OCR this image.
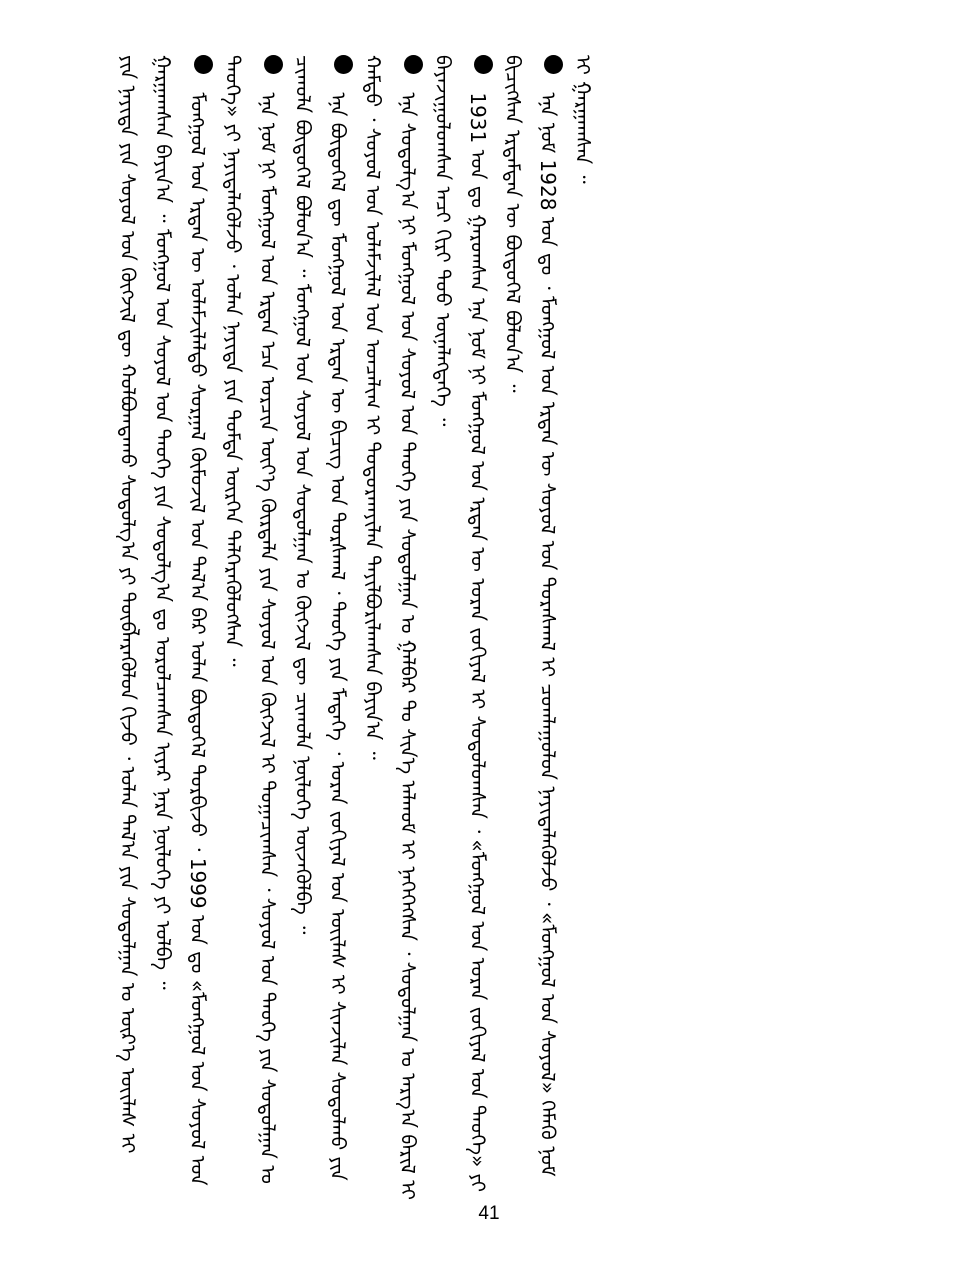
ᠶᠢᠨ ᠨᠡᠶᠢᠲᠡ ᠶᠢᠨ ᠰᠣᠶᠣᠯ ᠤᠨ ᠬᠥᠭᠵᠢᠯ ᠳᠦ ᠬᠣᠯᠪᠣᠭᠳᠠᠬᠤ ᠰᠤᠳᠤᠯᠭ᠎ᠠ ᠶᠢ ᠲᠥᠪᠯᠡᠷᠡᠭᠦᠯᠦᠨ ᠬᠢᠵᠦ ᠂ ᠣᠯᠠᠨ ᠲᠠᠯ᠎ᠠ ᠶᠢᠨ ᠰᠤᠳᠤᠯᠭᠠᠨ ᠤ ᠦᠷ᠎ᠡ ᠦᠢᠯᠡᠰ ᠢ ᠭᠠᠷᠭᠠᠭᠰᠠᠨ ᠪᠠᠶᠢᠨ᠎ᠠ ᠃ ᠮᠣᠩᠭᠣᠯ ᠤᠨ ᠰᠣᠶᠣᠯ ᠤᠨ ᠲᠡᠦᠬᠡ ᠶᠢᠨ ᠰᠤᠳᠤᠯᠭ᠎ᠠ ᠳᠤ ᠣᠷᠣᠯᠴᠠᠭᠰᠠᠨ ᠢᠶᠡᠷ ᠨᠡᠷᠡ ᠨᠥᠯᠦᠭᠡ ᠶᠢ ᠣᠯᠪᠠ ᠃ ᠮᠣᠩᠭᠣᠯ ᠤᠨ ᠡᠷᠲᠡᠨ ᠦ ᠤᠯᠠᠮᠵᠢᠯᠠᠯᠲᠤ ᠰᠤᠷᠭᠠᠯ ᠬᠦᠮᠦᠵᠢᠯ ᠤᠨ ᠲᠠᠯ᠎ᠠ ᠪᠠᠷ ᠣᠯᠠᠨ ᠪᠦᠲᠦᠭᠡᠯ ᠲᠤᠷᠪᠢᠵᠤ ᠂ 1999 ᠣᠨ ᠳᠤ «ᠮᠣᠩᠭᠣᠯ ᠤᠨ ᠰᠣᠶᠣᠯ ᠤᠨ ᠲᠡᠦᠬᠡ» ᠶᠢ ᠨᠡᠶᠢᠲᠡᠯᠡᠭᠦᠯᠵᠦ ᠂ ᠣᠯᠠᠨ ᠨᠡᠶᠢᠲᠡ ᠶᠢᠨ ᠳᠤᠮᠳᠠ ᠥᠷᠭᠡᠨ ᠳᠡᠯᠭᠡᠷᠡᠭᠦᠯᠦᠭᠰᠡᠨ ᠃ ᠡᠨᠡ ᠨᠣᠮ ᠨᠢ ᠮᠣᠩᠭᠣᠯ ᠤᠨ ᠡᠷᠲᠡᠨ ᠡᠴᠡ ᠣᠷᠴᠢᠨ ᠦᠶ᠎ᠡ ᠬᠦᠷᠲᠡᠯᠡ ᠶᠢᠨ ᠰᠣᠶᠣᠯ ᠤᠨ ᠬᠥᠭᠵᠢᠯ ᠢ ᠲᠣᠭᠠᠴᠢᠭᠰᠠᠨ ᠂ ᠰᠣᠶᠣᠯ ᠤᠨ ᠲᠡᠦᠬᠡ ᠶᠢᠨ ᠰᠤᠳᠤᠯᠭᠠᠨ ᠤ ᠴᠢᠬᠤᠯᠠ ᠪᠦᠲᠦᠭᠡᠯ ᠪᠣᠯᠤᠨ᠎ᠠ ᠃ ᠮᠣᠩᠭᠣᠯ ᠤᠨ ᠰᠣᠶᠣᠯ ᠤᠨ ᠰᠤᠳᠤᠯᠭᠠᠨ ᠤ ᠬᠥᠭᠵᠢᠯ ᠳᠦ ᠴᠢᠬᠤᠯᠠ ᠨᠥᠯᠦᠭᠡ ᠦᠵᠡᠭᠦᠯᠪᠡ ᠃ ᠡᠨᠡ ᠪᠦᠲᠦᠭᠡᠯ ᠳᠦ ᠮᠣᠩᠭᠣᠯ ᠤᠨ ᠡᠷᠲᠡᠨ ᠦ ᠪᠢᠴᠢᠭ ᠤᠨ ᠳᠤᠷᠰᠭᠠᠯ ᠂ ᠲᠡᠦᠬᠡ ᠶᠢᠨ ᠮᠡᠳᠡᠭᠡ ᠂ ᠤᠷᠠᠨ ᠵᠣᠬᠢᠶᠠᠯ ᠤᠨ ᠦᠢᠯᠡᠰ ᠢ ᠰᠢᠨᠵᠢᠯᠡᠨ ᠰᠤᠳᠤᠯᠬᠤ ᠶᠢᠨ ᠬᠠᠮᠲᠤ ᠂ ᠰᠣᠶᠣᠯ ᠤᠨ ᠤᠯᠠᠮᠵᠢᠯᠠᠯ ᠤᠨ ᠣᠨᠴᠠᠯᠢᠭ ᠢ ᠲᠣᠳᠣᠷᠬᠠᠶᠢᠯᠠᠨ ᠲᠠᠶᠢᠯᠪᠤᠷᠢᠯᠠᠭᠰᠠᠨ ᠪᠠᠶᠢᠨ᠎ᠠ ᠃ ᠡᠨᠡ ᠰᠤᠳᠤᠯᠭ᠎ᠠ ᠨᠢ ᠮᠣᠩᠭᠣᠯ ᠤᠨ ᠰᠣᠶᠣᠯ ᠤᠨ ᠲᠡᠦᠬᠡ ᠶᠢᠨ ᠰᠤᠳᠤᠯᠭᠠᠨ ᠤ ᠭᠠᠯᠪᠠᠷ ᠲᠤ ᠰᠢᠨ᠎ᠡ ᠠᠯᠬᠤᠮ ᠢ ᠨᠡᠭᠡᠭᠡᠭᠰᠡᠨ ᠂ ᠰᠤᠳᠤᠯᠭᠠᠨ ᠤ ᠠᠷᠭ᠎ᠠ ᠪᠠᠷᠢᠯ ᠢ ᠪᠠᠶᠠᠵᠢᠭᠤᠯᠤᠭᠰᠠᠨ ᠠᠴᠢ ᠬᠢᠷᠢ ᠳᠣᠣ ᠦᠨᠡᠯᠡᠭᠳᠡᠭᠡ ᠃ 1931 ᠣᠨ ᠳᠤ ᠭᠠᠷᠤᠭᠰᠠᠨ ᠡᠨᠡ ᠨᠣᠮ ᠨᠢ ᠮᠣᠩᠭᠣᠯ ᠤᠨ ᠡᠷᠲᠡᠨ ᠦ ᠤᠷᠠᠨ ᠵᠣᠬᠢᠶᠠᠯ ᠢ ᠰᠤᠳᠤᠯᠤᠭᠰᠠᠨ ᠂ «ᠮᠣᠩᠭᠣᠯ ᠤᠨ ᠤᠷᠠᠨ ᠵᠣᠬᠢᠶᠠᠯ ᠤᠨ ᠲᠡᠦᠬᠡ» ᠶᠢ ᠪᠢᠴᠢᠭᠰᠡᠨ ᠡᠷᠳᠡᠮᠲᠡᠨ ᠦ ᠪᠦᠲᠦᠭᠡᠯ ᠪᠣᠯᠤᠨ᠎ᠠ ᠃ ᠡᠨᠡ ᠨᠣᠮ 1928 ᠣᠨ ᠳᠤ ᠂ ᠮᠣᠩᠭᠣᠯ ᠤᠨ ᠡᠷᠲᠡᠨ ᠦ ᠰᠣᠶᠣᠯ ᠤᠨ ᠳᠤᠷᠠᠰᠬᠠᠯ ᠢ ᠴᠤᠭᠯᠠᠭᠤᠯᠤᠨ ᠨᠡᠶᠢᠲᠡᠯᠡᠭᠦᠯᠵᠦ ᠂ «ᠮᠣᠩᠭᠣᠯ ᠤᠨ ᠰᠣᠶᠣᠯ» ᠬᠡᠮᠡᠬᠦ ᠨᠣᠮ ᠢ ᠭᠠᠷᠭᠠᠭᠰᠠᠨ ᠃

41
